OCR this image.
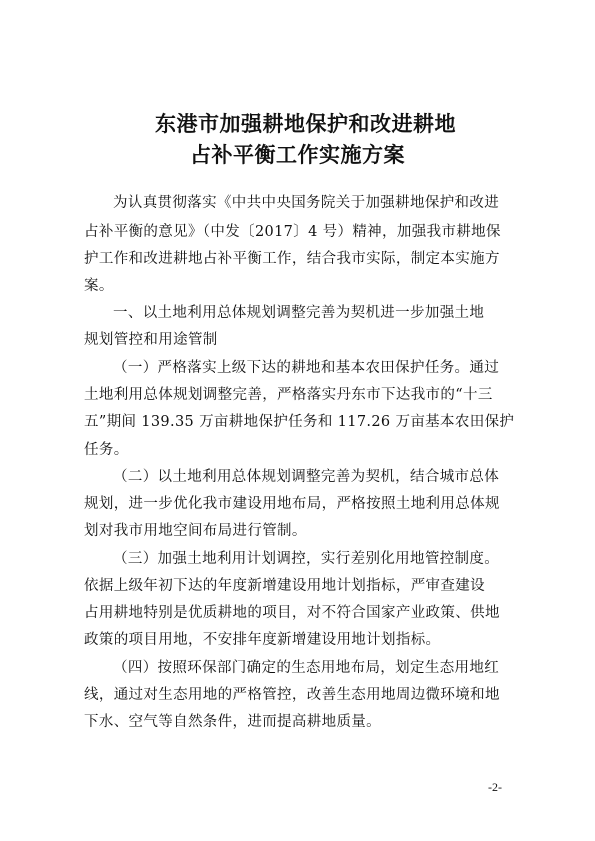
东港市加强耕地保护和改进耕地
占补平衡工作实施方案
为认真贯彻落实《中共中央国务院关于加强耕地保护和改进
占补平衡的意见》（中发〔2017〕4 号）精神，加强我市耕地保
护工作和改进耕地占补平衡工作，结合我市实际，制定本实施方
案。
一、以土地利用总体规划调整完善为契机进一步加强土地
规划管控和用途管制
（一）严格落实上级下达的耕地和基本农田保护任务。通过
土地利用总体规划调整完善，严格落实丹东市下达我市的“十三
五”期间 139.35 万亩耕地保护任务和 117.26 万亩基本农田保护
任务。
（二）以土地利用总体规划调整完善为契机，结合城市总体
规划，进一步优化我市建设用地布局，严格按照土地利用总体规
划对我市用地空间布局进行管制。
（三）加强土地利用计划调控，实行差别化用地管控制度。
依据上级年初下达的年度新增建设用地计划指标，严审查建设
占用耕地特别是优质耕地的项目，对不符合国家产业政策、供地
政策的项目用地，不安排年度新增建设用地计划指标。
（四）按照环保部门确定的生态用地布局，划定生态用地红
线，通过对生态用地的严格管控，改善生态用地周边微环境和地
下水、空气等自然条件，进而提高耕地质量。
-2-
